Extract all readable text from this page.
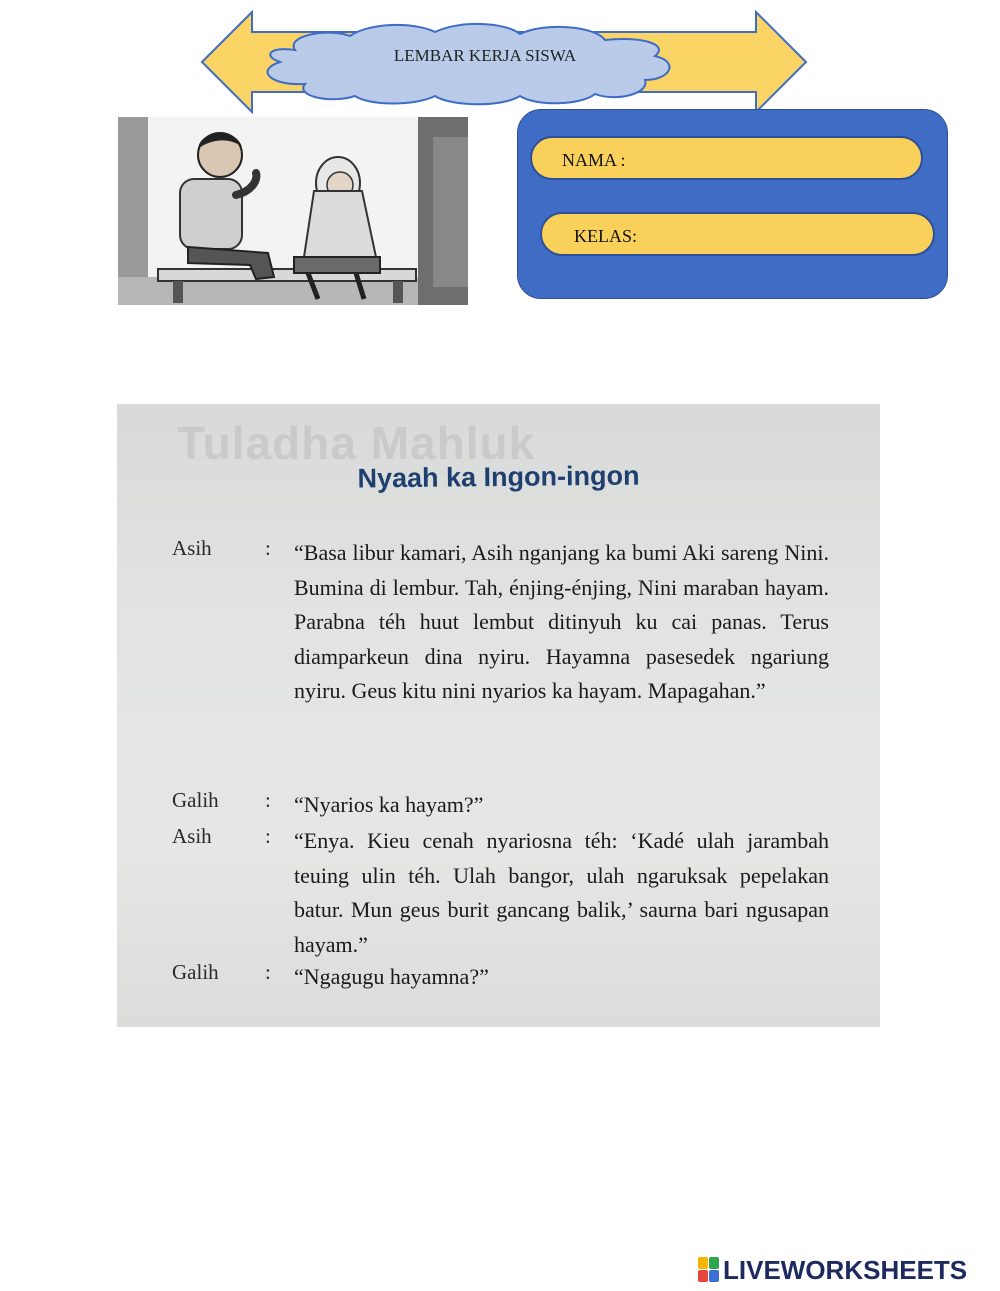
LEMBAR KERJA SISWA
NAMA :
KELAS:
Tuladha Mahluk
Nyaah ka Ingon-ingon
Asih	: “Basa libur kamari, Asih nganjang ka bumi Aki sareng Nini. Bumina di lembur. Tah, énjing-énjing, Nini maraban hayam. Parabna téh huut lembut ditinyuh ku cai panas. Terus diamparkeun dina nyiru. Hayamna pasesedek ngariung nyiru. Geus kitu nini nyarios ka hayam. Mapagahan.”
Galih : “Nyarios ka hayam?”
Asih	: “Enya. Kieu cenah nyariosna téh: ‘Kadé ulah jarambah teuing ulin téh. Ulah bangor, ulah ngaruksak pepelakan batur. Mun geus burit gancang balik,’ saurna bari ngusapan hayam.”
Galih : “Ngagugu hayamna?”
LIVEWORKSHEETS
